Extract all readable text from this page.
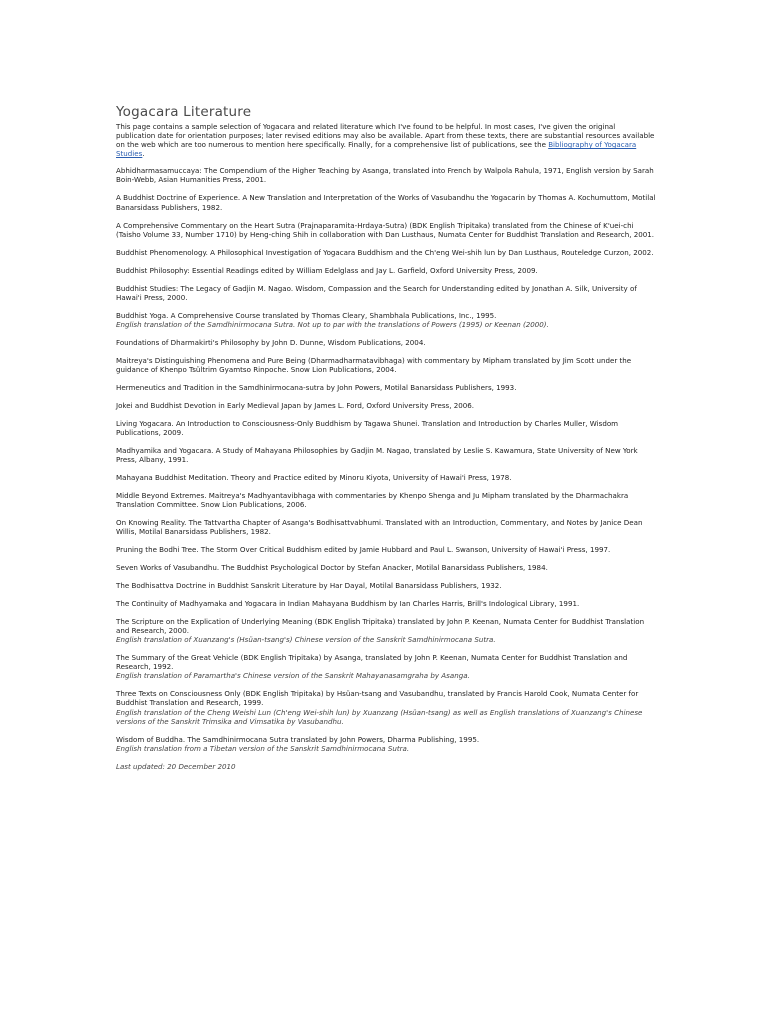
Yogacara Literature

This page contains a sample selection of Yogacara and related literature which I've found to be helpful. In most cases, I've given the original publication date for orientation purposes; later revised editions may also be available. Apart from these texts, there are substantial resources available on the web which are too numerous to mention here specifically. Finally, for a comprehensive list of publications, see the Bibliography of Yogacara Studies.

Abhidharmasamuccaya: The Compendium of the Higher Teaching by Asanga, translated into French by Walpola Rahula, 1971, English version by Sarah Boin-Webb, Asian Humanities Press, 2001.

A Buddhist Doctrine of Experience. A New Translation and Interpretation of the Works of Vasubandhu the Yogacarin by Thomas A. Kochumuttom, Motilal Banarsidass Publishers, 1982.

A Comprehensive Commentary on the Heart Sutra (Prajnaparamita-Hrdaya-Sutra) (BDK English Tripitaka) translated from the Chinese of K'uei-chi (Taisho Volume 33, Number 1710) by Heng-ching Shih in collaboration with Dan Lusthaus, Numata Center for Buddhist Translation and Research, 2001.

Buddhist Phenomenology. A Philosophical Investigation of Yogacara Buddhism and the Ch'eng Wei-shih lun by Dan Lusthaus, Routeledge Curzon, 2002.

Buddhist Philosophy: Essential Readings edited by William Edelglass and Jay L. Garfield, Oxford University Press, 2009.

Buddhist Studies: The Legacy of Gadjin M. Nagao. Wisdom, Compassion and the Search for Understanding edited by Jonathan A. Silk, University of Hawai'i Press, 2000.

Buddhist Yoga. A Comprehensive Course translated by Thomas Cleary, Shambhala Publications, Inc., 1995.
English translation of the Samdhinirmocana Sutra. Not up to par with the translations of Powers (1995) or Keenan (2000).

Foundations of Dharmakirti's Philosophy by John D. Dunne, Wisdom Publications, 2004.

Maitreya's Distinguishing Phenomena and Pure Being (Dharmadharmatavibhaga) with commentary by Mipham translated by Jim Scott under the guidance of Khenpo Tsültrim Gyamtso Rinpoche. Snow Lion Publications, 2004.

Hermeneutics and Tradition in the Samdhinirmocana-sutra by John Powers, Motilal Banarsidass Publishers, 1993.

Jokei and Buddhist Devotion in Early Medieval Japan by James L. Ford, Oxford University Press, 2006.

Living Yogacara. An Introduction to Consciousness-Only Buddhism by Tagawa Shunei. Translation and Introduction by Charles Muller, Wisdom Publications, 2009.

Madhyamika and Yogacara. A Study of Mahayana Philosophies by Gadjin M. Nagao, translated by Leslie S. Kawamura, State University of New York Press, Albany, 1991.

Mahayana Buddhist Meditation. Theory and Practice edited by Minoru Kiyota, University of Hawai'i Press, 1978.

Middle Beyond Extremes. Maitreya's Madhyantavibhaga with commentaries by Khenpo Shenga and Ju Mipham translated by the Dharmachakra Translation Committee. Snow Lion Publications, 2006.

On Knowing Reality. The Tattvartha Chapter of Asanga's Bodhisattvabhumi. Translated with an Introduction, Commentary, and Notes by Janice Dean Willis, Motilal Banarsidass Publishers, 1982.

Pruning the Bodhi Tree. The Storm Over Critical Buddhism edited by Jamie Hubbard and Paul L. Swanson, University of Hawai'i Press, 1997.

Seven Works of Vasubandhu. The Buddhist Psychological Doctor by Stefan Anacker, Motilal Banarsidass Publishers, 1984.

The Bodhisattva Doctrine in Buddhist Sanskrit Literature by Har Dayal, Motilal Banarsidass Publishers, 1932.

The Continuity of Madhyamaka and Yogacara in Indian Mahayana Buddhism by Ian Charles Harris, Brill's Indological Library, 1991.

The Scripture on the Explication of Underlying Meaning (BDK English Tripitaka) translated by John P. Keenan, Numata Center for Buddhist Translation and Research, 2000.
English translation of Xuanzang's (Hsüan-tsang's) Chinese version of the Sanskrit Samdhinirmocana Sutra.

The Summary of the Great Vehicle (BDK English Tripitaka) by Asanga, translated by John P. Keenan, Numata Center for Buddhist Translation and Research, 1992.
English translation of Paramartha's Chinese version of the Sanskrit Mahayanasamgraha by Asanga.

Three Texts on Consciousness Only (BDK English Tripitaka) by Hsüan-tsang and Vasubandhu, translated by Francis Harold Cook, Numata Center for Buddhist Translation and Research, 1999.
English translation of the Cheng Weishi Lun (Ch'eng Wei-shih lun) by Xuanzang (Hsüan-tsang) as well as English translations of Xuanzang's Chinese versions of the Sanskrit Trimsika and Vimsatika by Vasubandhu.

Wisdom of Buddha. The Samdhinirmocana Sutra translated by John Powers, Dharma Publishing, 1995.
English translation from a Tibetan version of the Sanskrit Samdhinirmocana Sutra.

Last updated: 20 December 2010
